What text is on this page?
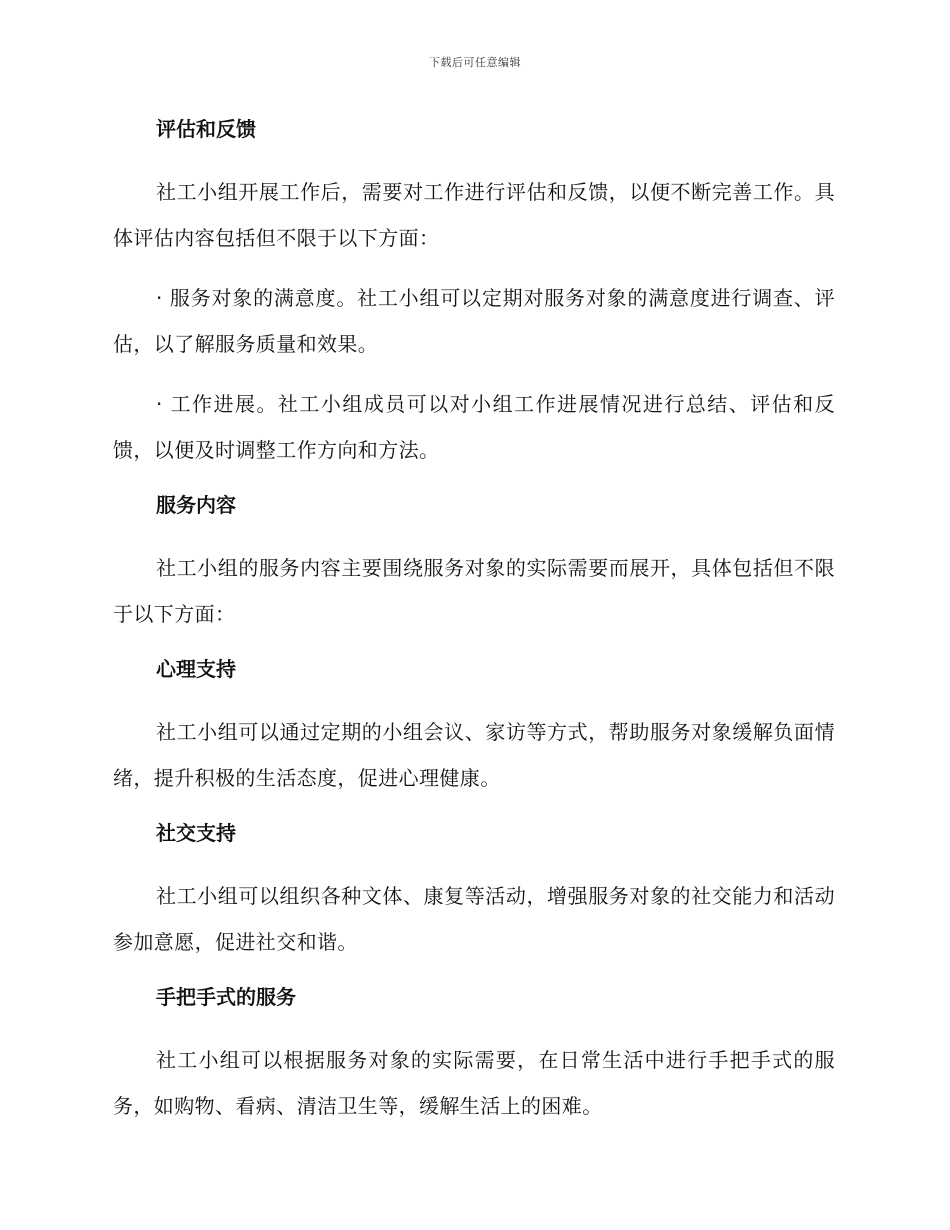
下载后可任意编辑
评估和反馈

社工小组开展工作后，需要对工作进行评估和反馈，以便不断完善工作。具体评估内容包括但不限于以下方面：

· 服务对象的满意度。社工小组可以定期对服务对象的满意度进行调查、评估，以了解服务质量和效果。

· 工作进展。社工小组成员可以对小组工作进展情况进行总结、评估和反馈，以便及时调整工作方向和方法。

服务内容

社工小组的服务内容主要围绕服务对象的实际需要而展开，具体包括但不限于以下方面：

心理支持

社工小组可以通过定期的小组会议、家访等方式，帮助服务对象缓解负面情绪，提升积极的生活态度，促进心理健康。

社交支持

社工小组可以组织各种文体、康复等活动，增强服务对象的社交能力和活动参加意愿，促进社交和谐。

手把手式的服务

社工小组可以根据服务对象的实际需要，在日常生活中进行手把手式的服务，如购物、看病、清洁卫生等，缓解生活上的困难。
